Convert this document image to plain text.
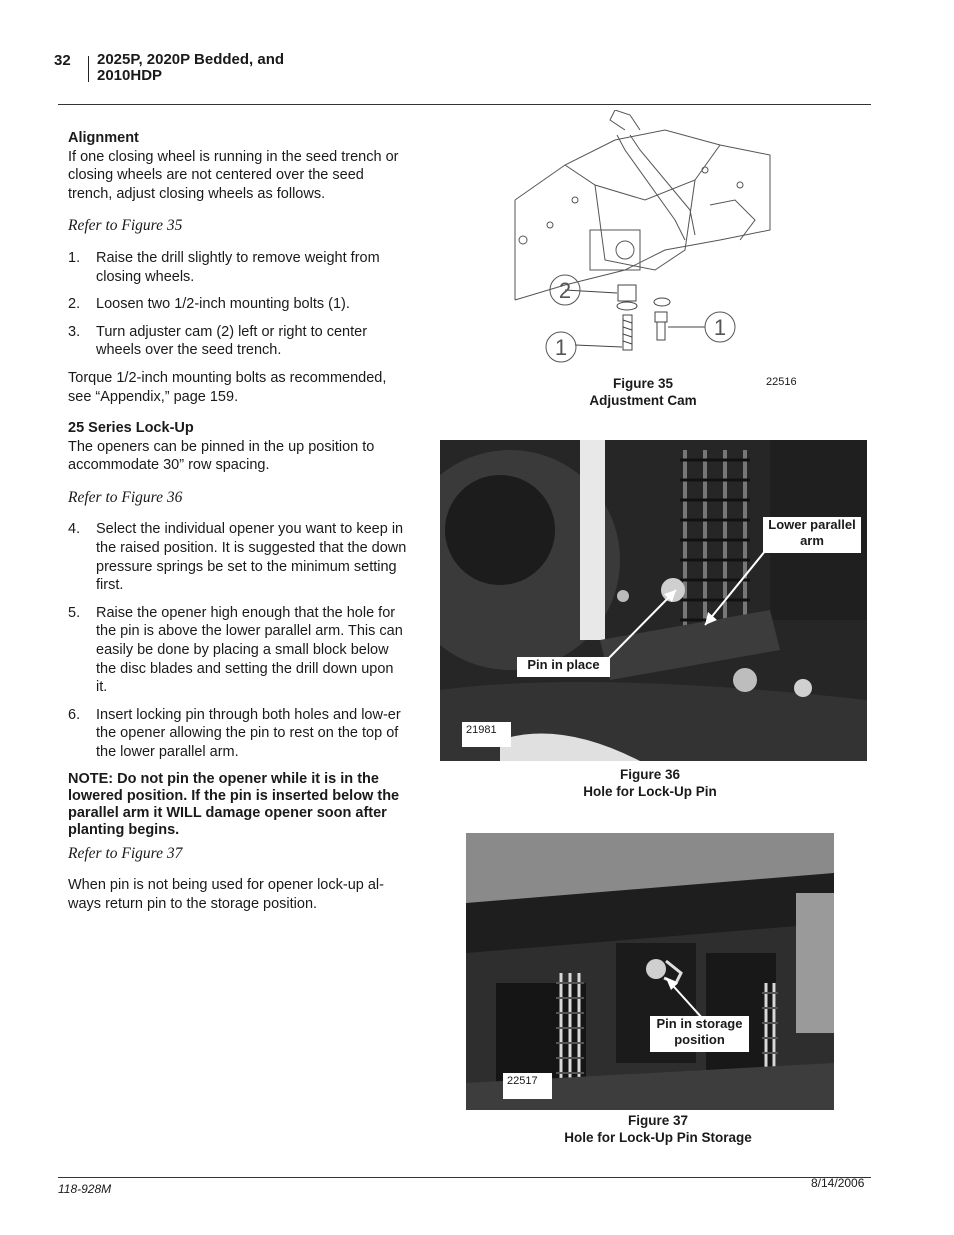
32 2025P, 2020P Bedded, and
2010HDP
Alignment
If one closing wheel is running in the seed trench or closing wheels are not centered over the seed trench, adjust closing wheels as follows.
Refer to Figure 35
1.	Raise the drill slightly to remove weight from closing wheels.
2.	Loosen two 1/2-inch mounting bolts (1).
3.	Turn adjuster cam (2) left or right to center wheels over the seed trench.
Torque 1/2-inch mounting bolts as recommended, see “Appendix,” page 159.
25 Series Lock-Up
The openers can be pinned in the up position to accommodate 30” row spacing.
Refer to Figure 36
4.	Select the individual opener you want to keep in the raised position. It is suggested that the down pressure springs be set to the minimum setting first.
5.	Raise the opener high enough that the hole for the pin is above the lower parallel arm. This can easily be done by placing a small block below the disc blades and setting the drill down upon it.
6.	Insert locking pin through both holes and low-er the opener allowing the pin to rest on the top of the lower parallel arm.
NOTE: Do not pin the opener while it is in the lowered position. If the pin is inserted below the parallel arm it WILL damage opener soon after planting begins.
Refer to Figure 37
When pin is not being used for opener lock-up al-ways return pin to the storage position.
2
1
1
Figure 35
Adjustment Cam
22516
Lower parallel arm
Pin in place
21981
Figure 36
Hole for Lock-Up Pin
Pin in storage position
22517
Figure 37
Hole for Lock-Up Pin Storage
118-928M	8/14/2006
